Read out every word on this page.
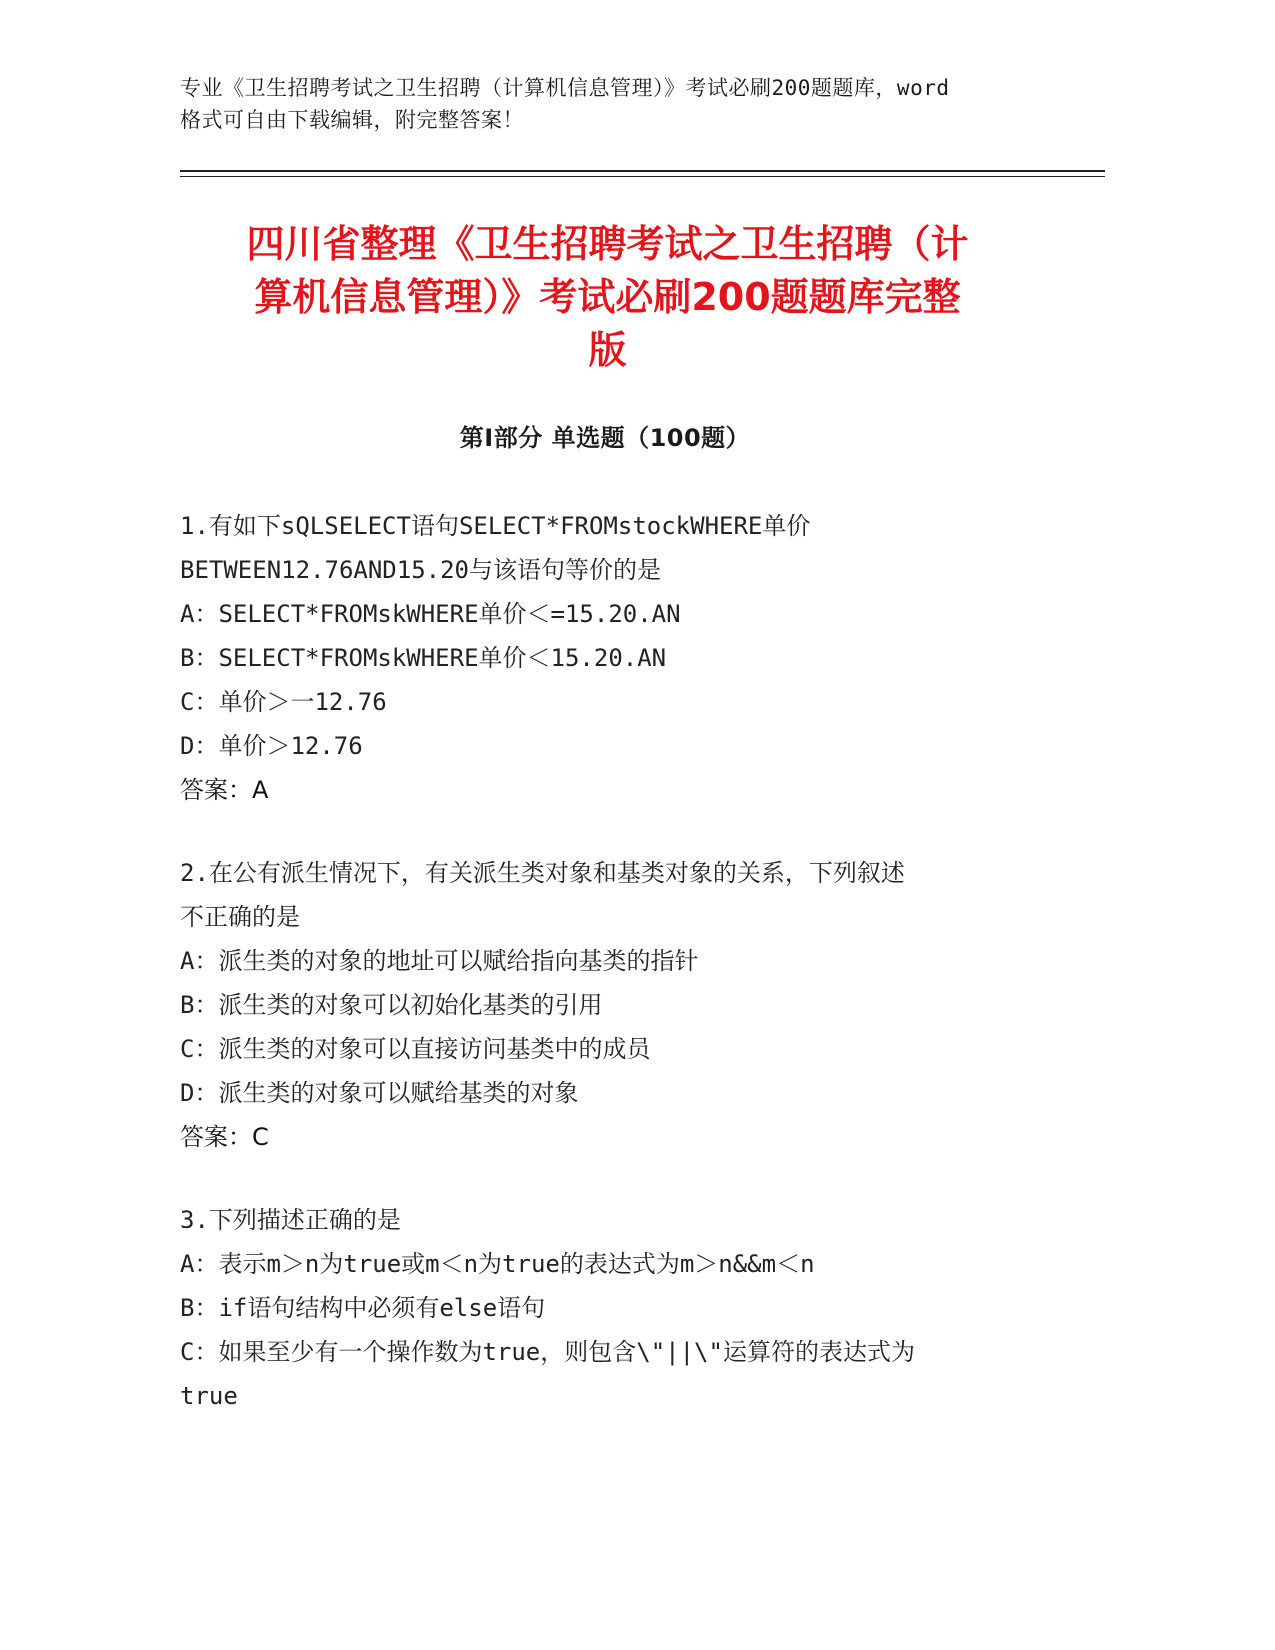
专业《卫生招聘考试之卫生招聘（计算机信息管理）》考试必刷200题题库，word
格式可自由下载编辑，附完整答案！
四川省整理《卫生招聘考试之卫生招聘（计
算机信息管理）》考试必刷200题题库完整
版
第Ⅰ部分 单选题（100题）
1.有如下sQLSELECT语句SELECT*FROMstockWHERE单价
BETWEEN12.76AND15.20与该语句等价的是
A：SELECT*FROMskWHERE单价＜=15.20.AN
B：SELECT*FROMskWHERE单价＜15.20.AN
C：单价＞一12.76
D：单价＞12.76
答案：A
2.在公有派生情况下，有关派生类对象和基类对象的关系，下列叙述
不正确的是
A：派生类的对象的地址可以赋给指向基类的指针
B：派生类的对象可以初始化基类的引用
C：派生类的对象可以直接访问基类中的成员
D：派生类的对象可以赋给基类的对象
答案：C
3.下列描述正确的是
A：表示m＞n为true或m＜n为true的表达式为m＞n&&m＜n
B：if语句结构中必须有else语句
C：如果至少有一个操作数为true，则包含\"||\"运算符的表达式为
true
